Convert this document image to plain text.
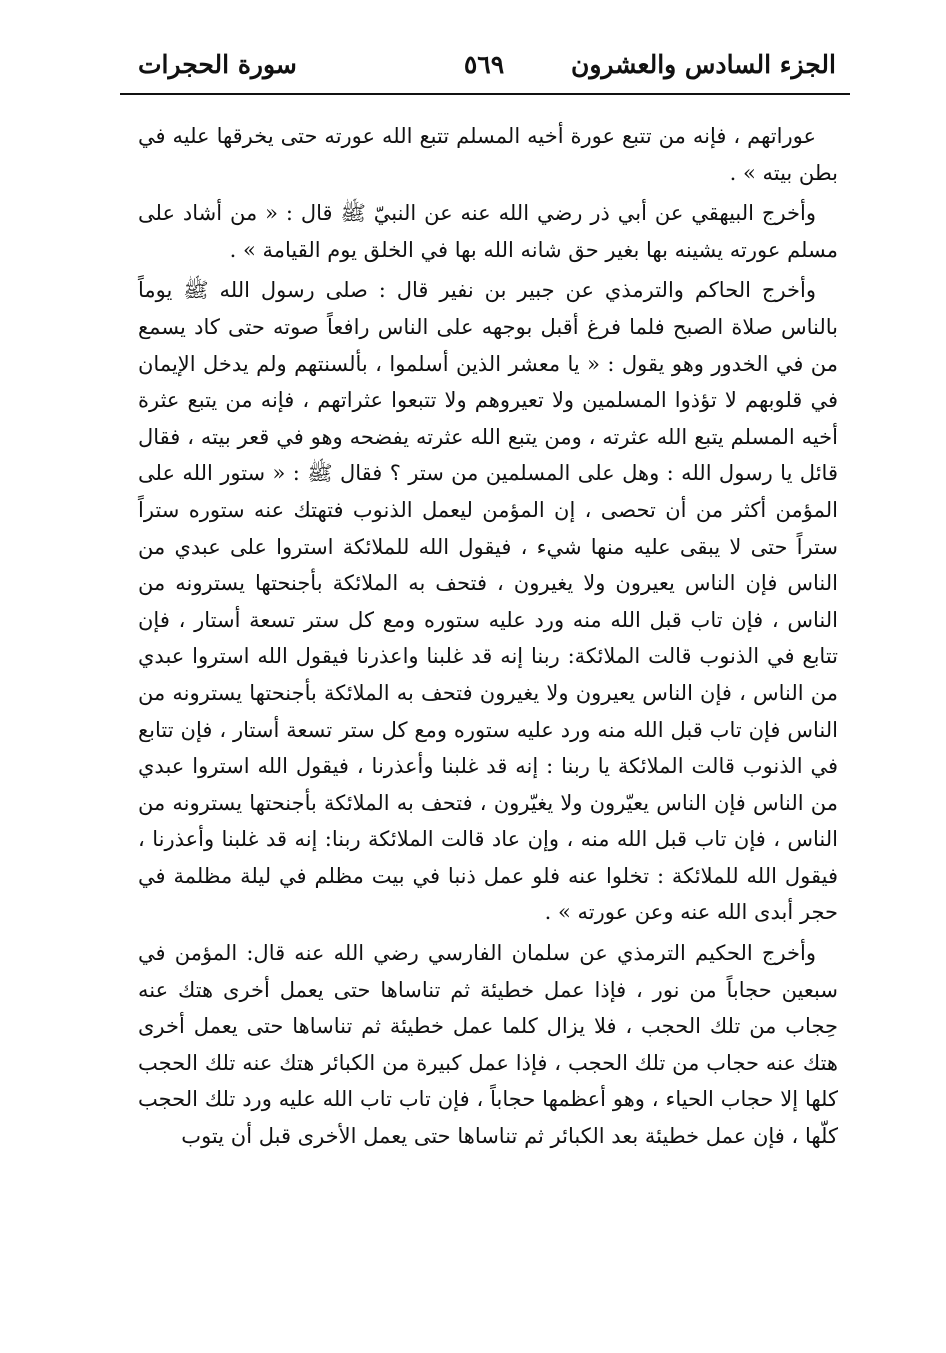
الجزء السادس والعشرون
٥٦٩
سورة الحجرات

عوراتهم ، فإنه من تتبع عورة أخيه المسلم تتبع الله عورته حتى يخرقها عليه في بطن بيته » .

وأخرج البيهقي عن أبي ذر رضي الله عنه عن النبيّ ﷺ قال : « من أشاد على مسلم عورته يشينه بها بغير حق شانه الله بها في الخلق يوم القيامة » .

وأخرج الحاكم والترمذي عن جبير بن نفير قال : صلى رسول الله ﷺ يوماً بالناس صلاة الصبح فلما فرغ أقبل بوجهه على الناس رافعاً صوته حتى كاد يسمع من في الخدور وهو يقول : « يا معشر الذين أسلموا ، بألسنتهم ولم يدخل الإيمان في قلوبهم لا تؤذوا المسلمين ولا تعيروهم ولا تتبعوا عثراتهم ، فإنه من يتبع عثرة أخيه المسلم يتبع الله عثرته ، ومن يتبع الله عثرته يفضحه وهو في قعر بيته ، فقال قائل يا رسول الله : وهل على المسلمين من ستر ؟ فقال ﷺ : « ستور الله على المؤمن أكثر من أن تحصى ، إن المؤمن ليعمل الذنوب فتهتك عنه ستوره ستراً ستراً حتى لا يبقى عليه منها شيء ، فيقول الله للملائكة استروا على عبدي من الناس فإن الناس يعيرون ولا يغيرون ، فتحف به الملائكة بأجنحتها يسترونه من الناس ، فإن تاب قبل الله منه ورد عليه ستوره ومع كل ستر تسعة أستار ، فإن تتابع في الذنوب قالت الملائكة: ربنا إنه قد غلبنا واعذرنا فيقول الله استروا عبدي من الناس ، فإن الناس يعيرون ولا يغيرون فتحف به الملائكة بأجنحتها يسترونه من الناس فإن تاب قبل الله منه ورد عليه ستوره ومع كل ستر تسعة أستار ، فإن تتابع في الذنوب قالت الملائكة يا ربنا : إنه قد غلبنا وأعذرنا ، فيقول الله استروا عبدي من الناس فإن الناس يعيّرون ولا يغيّرون ، فتحف به الملائكة بأجنحتها يسترونه من الناس ، فإن تاب قبل الله منه ، وإن عاد قالت الملائكة ربنا: إنه قد غلبنا وأعذرنا ، فيقول الله للملائكة : تخلوا عنه فلو عمل ذنبا في بيت مظلم في ليلة مظلمة في حجر أبدى الله عنه وعن عورته » .

وأخرج الحكيم الترمذي عن سلمان الفارسي رضي الله عنه قال: المؤمن في سبعين حجاباً من نور ، فإذا عمل خطيئة ثم تناساها حتى يعمل أخرى هتك عنه حِجاب من تلك الحجب ، فلا يزال كلما عمل خطيئة ثم تناساها حتى يعمل أخرى هتك عنه حجاب من تلك الحجب ، فإذا عمل كبيرة من الكبائر هتك عنه تلك الحجب كلها إلا حجاب الحياء ، وهو أعظمها حجاباً ، فإن تاب تاب الله عليه ورد تلك الحجب كلّها ، فإن عمل خطيئة بعد الكبائر ثم تناساها حتى يعمل الأخرى قبل أن يتوب
